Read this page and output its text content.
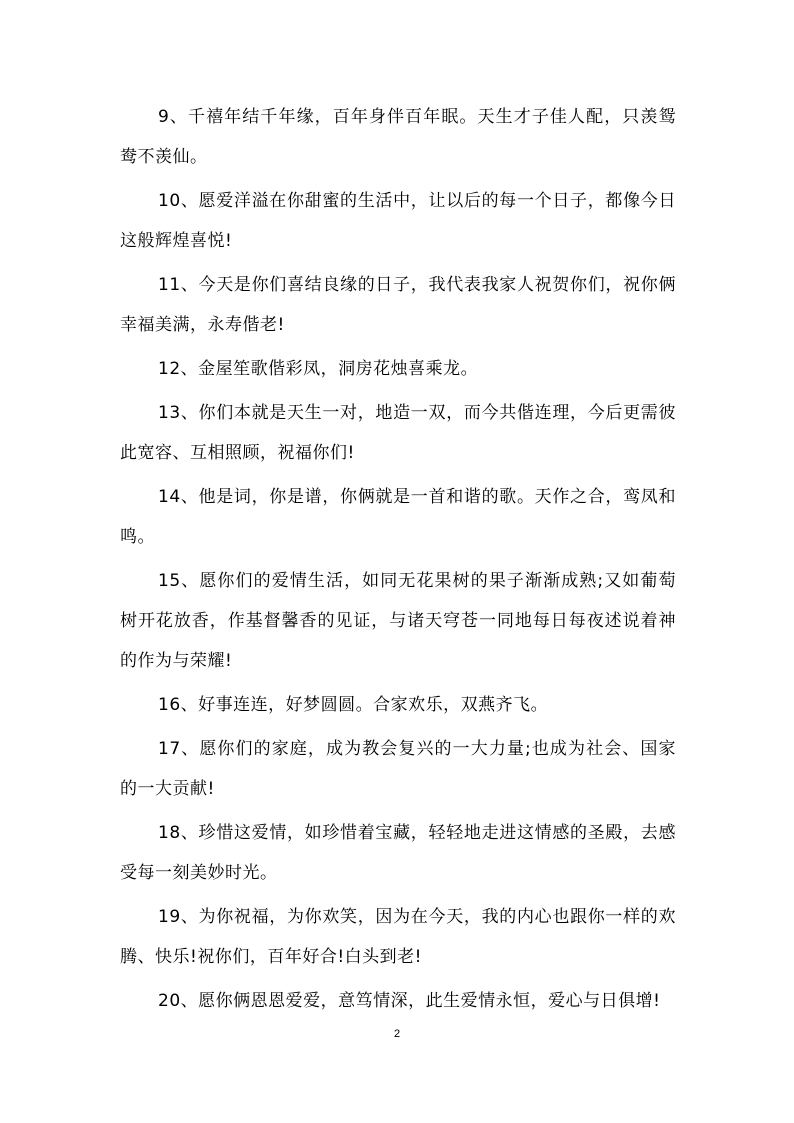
9、千禧年结千年缘，百年身伴百年眠。天生才子佳人配，只羡鸳鸯不羡仙。

10、愿爱洋溢在你甜蜜的生活中，让以后的每一个日子，都像今日这般辉煌喜悦!

11、今天是你们喜结良缘的日子，我代表我家人祝贺你们，祝你俩幸福美满，永寿偕老!

12、金屋笙歌偕彩凤，洞房花烛喜乘龙。

13、你们本就是天生一对，地造一双，而今共偕连理，今后更需彼此宽容、互相照顾，祝福你们!

14、他是词，你是谱，你俩就是一首和谐的歌。天作之合，鸾凤和鸣。

15、愿你们的爱情生活，如同无花果树的果子渐渐成熟;又如葡萄树开花放香，作基督馨香的见证，与诸天穹苍一同地每日每夜述说着神的作为与荣耀!

16、好事连连，好梦圆圆。合家欢乐，双燕齐飞。

17、愿你们的家庭，成为教会复兴的一大力量;也成为社会、国家的一大贡献!

18、珍惜这爱情，如珍惜着宝藏，轻轻地走进这情感的圣殿，去感受每一刻美妙时光。

19、为你祝福，为你欢笑，因为在今天，我的内心也跟你一样的欢腾、快乐!祝你们，百年好合!白头到老!

20、愿你俩恩恩爱爱，意笃情深，此生爱情永恒，爱心与日俱增!

2
